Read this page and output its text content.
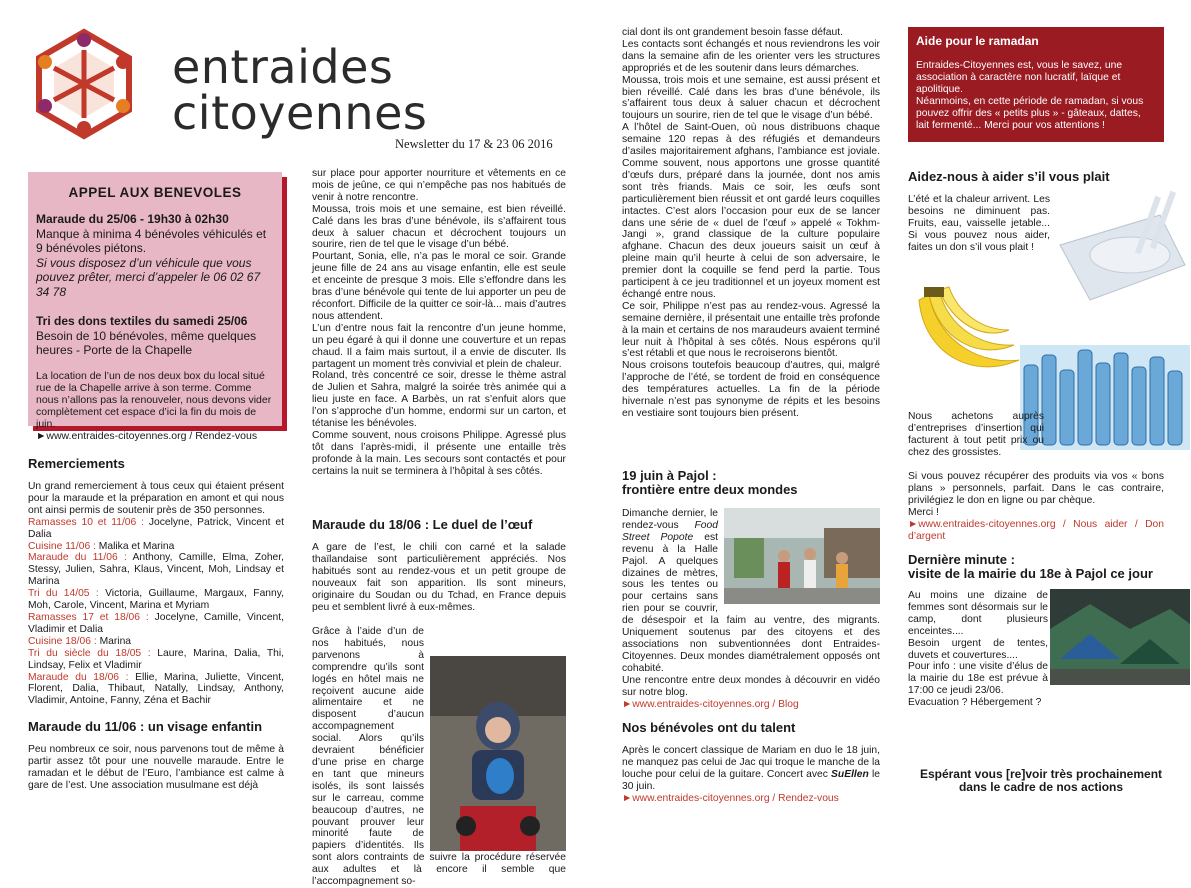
entraides
citoyennes
Newsletter du 17 & 23 06 2016
APPEL AUX BENEVOLES
Maraude du 25/06 - 19h30 à 02h30
Manque à minima 4 bénévoles véhiculés et 9 bénévoles piétons.
Si vous disposez d’un véhicule que vous pouvez prêter, merci d’appeler le 06 02 67 34 78
Tri des dons textiles du samedi 25/06
Besoin de 10 bénévoles, même quelques heures - Porte de la Chapelle
La location de l’un de nos deux box du local situé rue de la Chapelle arrive à son terme. Comme nous n’allons pas la renouveler, nous devons vider complètement cet espace d’ici la fin du mois de juin.
►www.entraides-citoyennes.org / Rendez-vous
Remerciements
Un grand remerciement à tous ceux qui étaient présent pour la maraude et la préparation en amont et qui nous ont ainsi permis de soutenir près de 350 personnes.
Ramasses 10 et 11/06 : Jocelyne, Patrick, Vincent et Dalia
Cuisine 11/06 : Malika et Marina
Maraude du 11/06 : Anthony, Camille, Elma, Zoher, Stessy, Julien, Sahra, Klaus, Vincent, Moh, Lindsay et Marina
Tri du 14/05 : Victoria, Guillaume, Margaux, Fanny, Moh, Carole, Vincent, Marina et Myriam
Ramasses 17 et 18/06 : Jocelyne, Camille, Vincent, Vladimir et Dalia
Cuisine 18/06 : Marina
Tri du siècle du 18/05 : Laure, Marina, Dalia, Thi, Lindsay, Felix et Vladimir
Maraude du 18/06 : Ellie, Marina, Juliette, Vincent, Florent, Dalia, Thibaut, Natally, Lindsay, Anthony, Vladimir, Antoine, Fanny, Zéna et Bachir
Maraude du 11/06 : un visage enfantin
Peu nombreux ce soir, nous parvenons tout de même à partir assez tôt pour une nouvelle maraude. Entre le ramadan et le début de l’Euro, l’ambiance est calme à gare de l’est. Une association musulmane est déjà

sur place pour apporter nourriture et vêtements en ce mois de jeûne, ce qui n’empêche pas nos habitués de venir à notre rencontre.

Moussa, trois mois et une semaine, est bien réveillé. Calé dans les bras d’une bénévole, ils s’affairent tous deux à saluer chacun et décrochent toujours un sourire, rien de tel que le visage d’un bébé.

Pourtant, Sonia, elle, n’a pas le moral ce soir. Grande jeune fille de 24 ans au visage enfantin, elle est seule et enceinte de presque 3 mois. Elle s’effondre dans les bras d’une bénévole qui tente de lui apporter un peu de réconfort. Difficile de la quitter ce soir-là... mais d’autres nous attendent.

L’un d’entre nous fait la rencontre d’un jeune homme, un peu égaré à qui il donne une couverture et un repas chaud. Il a faim mais surtout, il a envie de discuter. Ils partagent un moment très convivial et plein de chaleur.

Roland, très concentré ce soir, dresse le thème astral de Julien et Sahra, malgré la soirée très animée qui a lieu juste en face. A Barbès, un rat s’enfuit alors que l’on s’approche d’un homme, endormi sur un carton, et tétanise les bénévoles.

Comme souvent, nous croisons Philippe. Agressé plus tôt dans l’après-midi, il présente une entaille très profonde à la main. Les secours sont contactés et pour certains la nuit se terminera à l’hôpital à ses côtés.

Maraude du 18/06 : Le duel de l’œuf

A gare de l’est, le chili con carné et la salade thaïlandaise sont particulièrement appréciés. Nos habitués sont au rendez-vous et un petit groupe de nouveaux fait son apparition. Ils sont mineurs, originaire du Soudan ou du Tchad, en France depuis peu et semblent livré à eux-mêmes.

Grâce à l’aide d’un de nos habitués, nous parvenons à comprendre qu’ils sont logés en hôtel mais ne reçoivent aucune aide alimentaire et ne disposent d’aucun accompagnement social. Alors qu’ils devraient bénéficier d’une prise en charge en tant que mineurs isolés, ils sont laissés sur le carreau, comme beaucoup d’autres, ne pouvant prouver leur minorité faute de papiers d’identités. Ils sont alors contraints de suivre la procédure réservée aux adultes et là encore il semble que l’accompagnement so-

cial dont ils ont grandement besoin fasse défaut.

Les contacts sont échangés et nous reviendrons les voir dans la semaine afin de les orienter vers les structures appropriés et de les soutenir dans leurs démarches.

Moussa, trois mois et une semaine, est aussi présent et bien réveillé. Calé dans les bras d’une bénévole, ils s’affairent tous deux à saluer chacun et décrochent toujours un sourire, rien de tel que le visage d’un bébé.

A l’hôtel de Saint-Ouen, où nous distribuons chaque semaine 120 repas à des réfugiés et demandeurs d’asiles majoritairement afghans, l’ambiance est joviale. Comme souvent, nous apportons une grosse quantité d’œufs durs, préparé dans la journée, dont nos amis sont très friands. Mais ce soir, les œufs sont particulièrement bien réussit et ont gardé leurs coquilles intactes. C’est alors l’occasion pour eux de se lancer dans une série de « duel de l’œuf » appelé « Tokhm-Jangi », grand classique de la culture populaire afghane. Chacun des deux joueurs saisit un œuf à pleine main qu’il heurte à celui de son adversaire, le premier dont la coquille se fend perd la partie. Tous participent à ce jeu traditionnel et un joyeux moment est échangé entre nous.

Ce soir, Philippe n’est pas au rendez-vous. Agressé la semaine dernière, il présentait une entaille très profonde à la main et certains de nos maraudeurs avaient terminé leur nuit à l’hôpital à ses côtés. Nous espérons qu’il s’est rétabli et que nous le recroiserons bientôt.

Nous croisons toutefois beaucoup d’autres, qui, malgré l’approche de l’été, se tordent de froid en conséquence des températures actuelles. La fin de la période hivernale n’est pas synonyme de répits et les besoins en vestiaire sont toujours bien présent.

19 juin à Pajol :
frontière entre deux mondes
Dimanche dernier, le rendez-vous Food Street Popote est revenu à la Halle Pajol. A quelques dizaines de mètres, sous les tentes ou pour certains sans rien pour se couvrir, de désespoir et la faim au ventre, des migrants. Uniquement soutenus par des citoyens et des associations non subventionnées dont Entraides-Citoyennes. Deux mondes diamétralement opposés ont cohabité.

Une rencontre entre deux mondes à découvrir en vidéo sur notre blog.

►www.entraides-citoyennes.org / Blog

Nos bénévoles ont du talent
Après le concert classique de Mariam en duo le 18 juin, ne manquez pas celui de Jac qui troque le manche de la louche pour celui de la guitare. Concert avec SuEllen le 30 juin.

►www.entraides-citoyennes.org / Rendez-vous

Aide pour le ramadan
Entraides-Citoyennes est, vous le savez, une association à caractère non lucratif, laïque et apolitique.
Néanmoins, en cette période de ramadan, si vous pouvez offrir des « petits plus » - gâteaux, dattes, lait fermenté... Merci pour vos attentions !
Aidez-nous à aider s’il vous plait
L’été et la chaleur arrivent. Les besoins ne diminuent pas. Fruits, eau, vaisselle jetable... Si vous pouvez nous aider, faites un don s’il vous plait !
Nous achetons auprès d’entreprises d’insertion qui facturent à tout petit prix ou chez des grossistes.

Si vous pouvez récupérer des produits via vos « bons plans » personnels, parfait. Dans le cas contraire, privilégiez le don en ligne ou par chèque.

Merci !

►www.entraides-citoyennes.org / Nous aider / Don d’argent

Dernière minute :
visite de la mairie du 18e à Pajol ce jour

Au moins une dizaine de femmes sont désormais sur le camp, dont plusieurs enceintes....

Besoin urgent de tentes, duvets et couvertures....

Pour info : une visite d’élus de la mairie du 18e est prévue à 17:00 ce jeudi 23/06.

Evacuation ? Hébergement ?

Espérant vous [re]voir très prochainement dans le cadre de nos actions
